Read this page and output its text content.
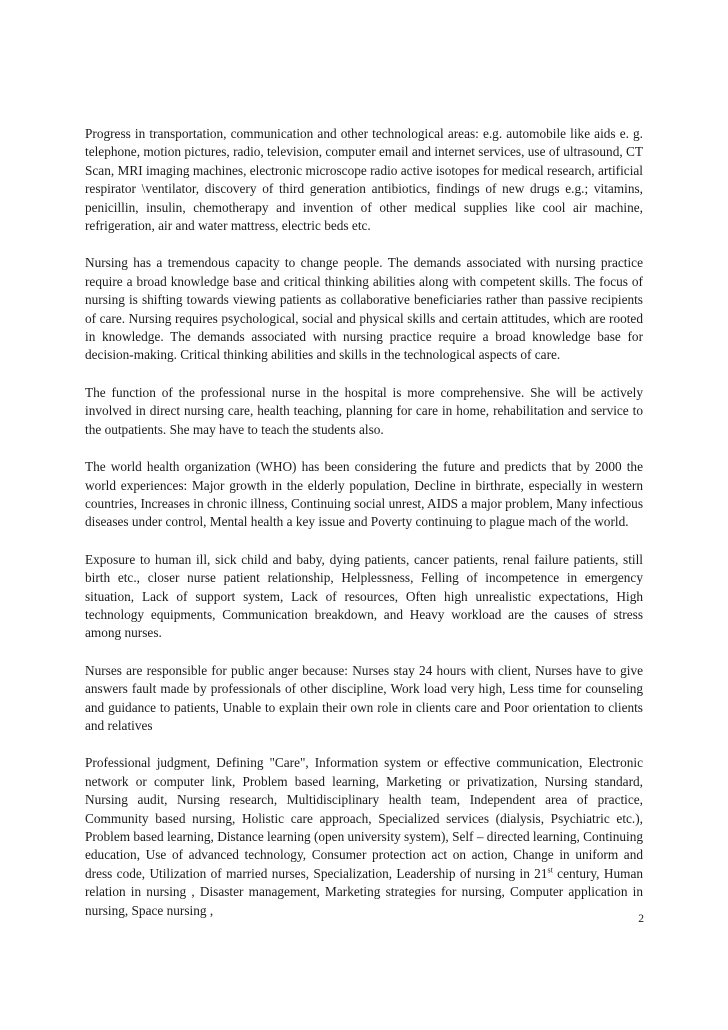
Progress in transportation, communication and other technological areas: e.g. automobile like aids e. g. telephone, motion pictures, radio, television, computer email and internet services, use of ultrasound, CT Scan, MRI imaging machines, electronic microscope radio active isotopes for medical research, artificial respirator \ventilator, discovery of third generation antibiotics, findings of new drugs e.g.; vitamins, penicillin, insulin, chemotherapy and invention of other medical supplies like cool air machine, refrigeration, air and water mattress, electric beds etc.

Nursing has a tremendous capacity to change people. The demands associated with nursing practice require a broad knowledge base and critical thinking abilities along with competent skills. The focus of nursing is shifting towards viewing patients as collaborative beneficiaries rather than passive recipients of care. Nursing requires psychological, social and physical skills and certain attitudes, which are rooted in knowledge. The demands associated with nursing practice require a broad knowledge base for decision-making. Critical thinking abilities and skills in the technological aspects of care.

The function of the professional nurse in the hospital is more comprehensive. She will be actively involved in direct nursing care, health teaching, planning for care in home, rehabilitation and service to the outpatients. She may have to teach the students also.

The world health organization (WHO) has been considering the future and predicts that by 2000 the world experiences: Major growth in the elderly population, Decline in birthrate, especially in western countries, Increases in chronic illness, Continuing social unrest, AIDS a major problem, Many infectious diseases under control, Mental health a key issue and Poverty continuing to plague mach of the world.

Exposure to human ill, sick child and baby, dying patients, cancer patients, renal failure patients, still birth etc., closer nurse patient relationship, Helplessness, Felling of incompetence in emergency situation, Lack of support system, Lack of resources, Often high unrealistic expectations, High technology equipments, Communication breakdown, and Heavy workload are the causes of stress among nurses.

Nurses are responsible for public anger because: Nurses stay 24 hours with client, Nurses have to give answers fault made by professionals of other discipline, Work load very high, Less time for counseling and guidance to patients, Unable to explain their own role in clients care and Poor orientation to clients and relatives

Professional judgment, Defining "Care", Information system or effective communication, Electronic network or computer link, Problem based learning, Marketing or privatization, Nursing standard, Nursing audit, Nursing research, Multidisciplinary health team, Independent area of practice, Community based nursing, Holistic care approach, Specialized services (dialysis, Psychiatric etc.), Problem based learning, Distance learning (open university system), Self – directed learning, Continuing education, Use of advanced technology, Consumer protection act on action, Change in uniform and dress code, Utilization of married nurses, Specialization, Leadership of nursing in 21st century, Human relation in nursing , Disaster management, Marketing strategies for nursing, Computer application in nursing, Space nursing ,

2
